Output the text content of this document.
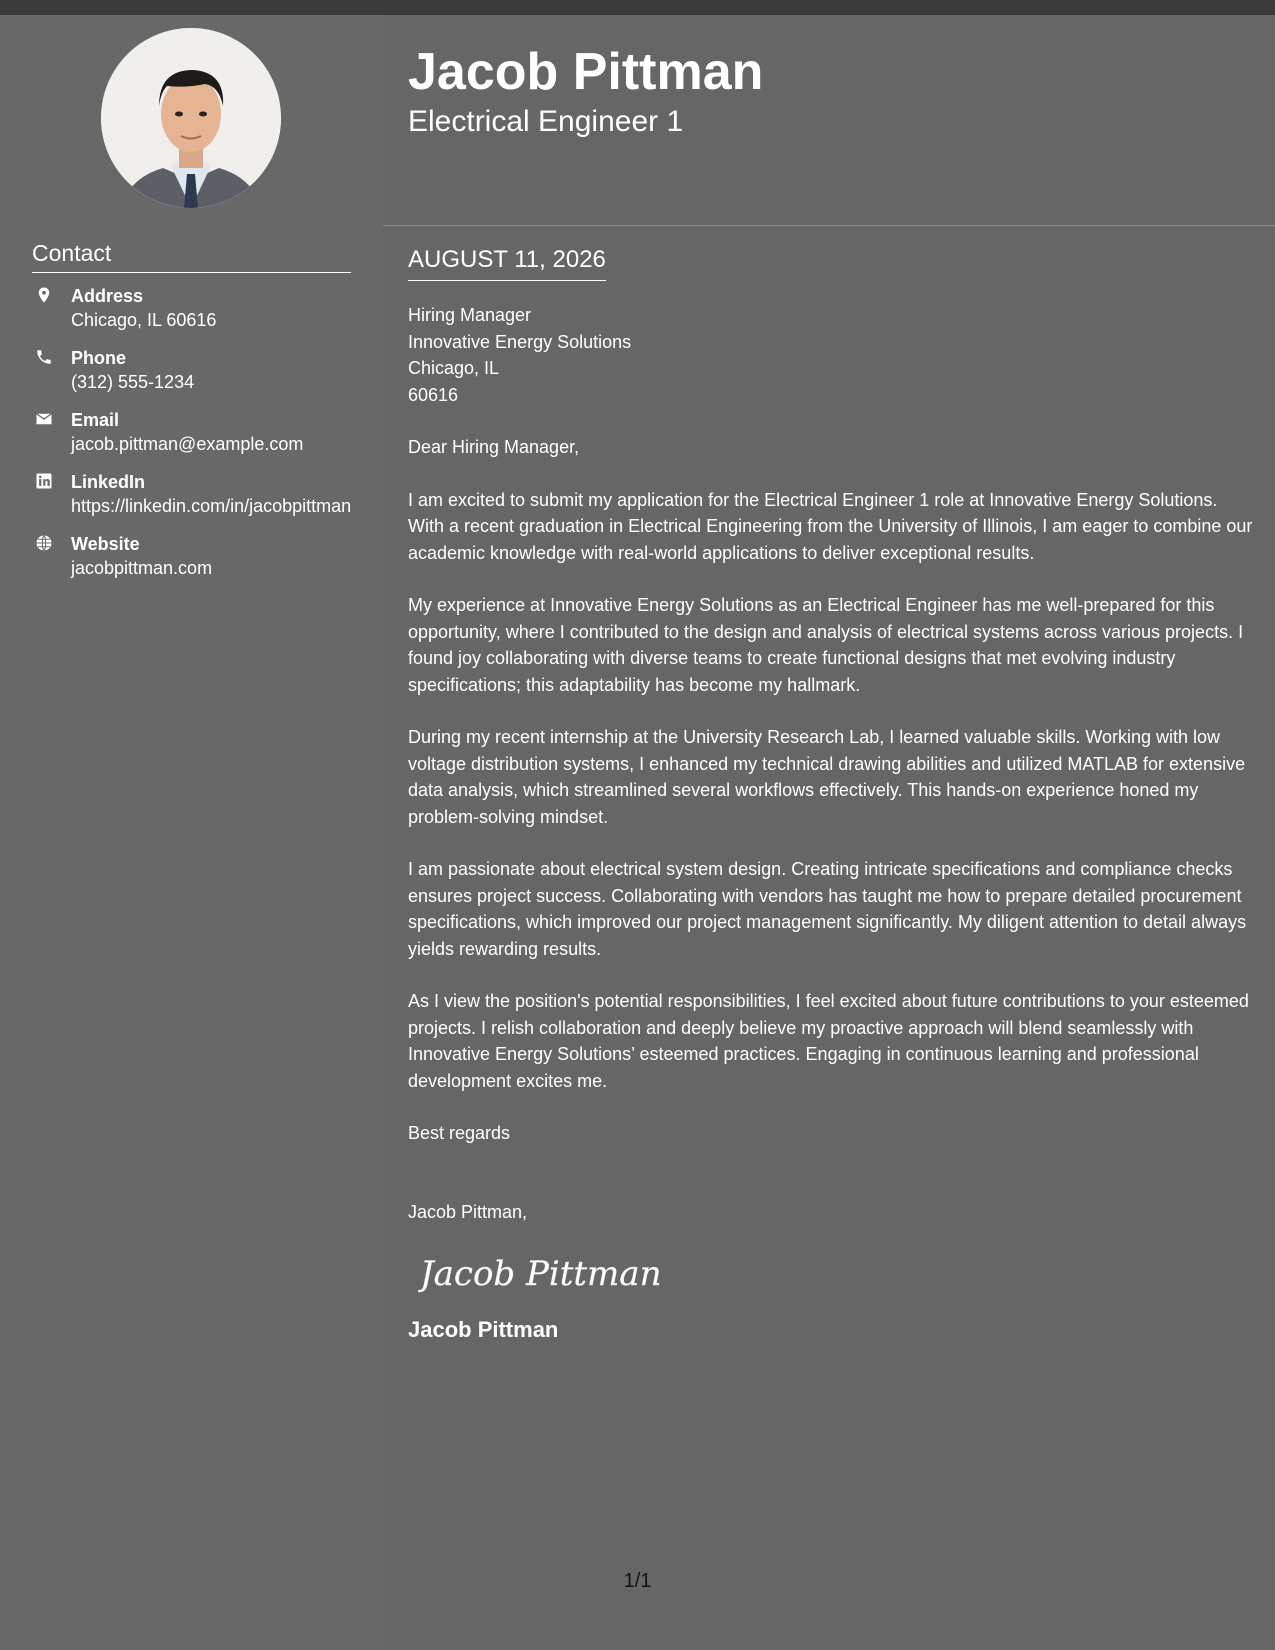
Contact
Address
Chicago, IL 60616
Phone
(312) 555-1234
Email
jacob.pittman@example.com
LinkedIn
https://linkedin.com/in/jacobpittman
Website
jacobpittman.com
Jacob Pittman
Electrical Engineer 1
AUGUST 11, 2026
Hiring Manager
Innovative Energy Solutions
Chicago, IL
60616
Dear Hiring Manager,

I am excited to submit my application for the Electrical Engineer 1 role at Innovative Energy Solutions. With a recent graduation in Electrical Engineering from the University of Illinois, I am eager to combine our academic knowledge with real-world applications to deliver exceptional results.

My experience at Innovative Energy Solutions as an Electrical Engineer has me well-prepared for this opportunity, where I contributed to the design and analysis of electrical systems across various projects. I found joy collaborating with diverse teams to create functional designs that met evolving industry specifications; this adaptability has become my hallmark.

During my recent internship at the University Research Lab, I learned valuable skills. Working with low voltage distribution systems, I enhanced my technical drawing abilities and utilized MATLAB for extensive data analysis, which streamlined several workflows effectively. This hands-on experience honed my problem-solving mindset.

I am passionate about electrical system design. Creating intricate specifications and compliance checks ensures project success. Collaborating with vendors has taught me how to prepare detailed procurement specifications, which improved our project management significantly. My diligent attention to detail always yields rewarding results.

As I view the position's potential responsibilities, I feel excited about future contributions to your esteemed projects. I relish collaboration and deeply believe my proactive approach will blend seamlessly with Innovative Energy Solutions’ esteemed practices. Engaging in continuous learning and professional development excites me.

Best regards
Jacob Pittman,
Jacob Pittman
Jacob Pittman
1/1
